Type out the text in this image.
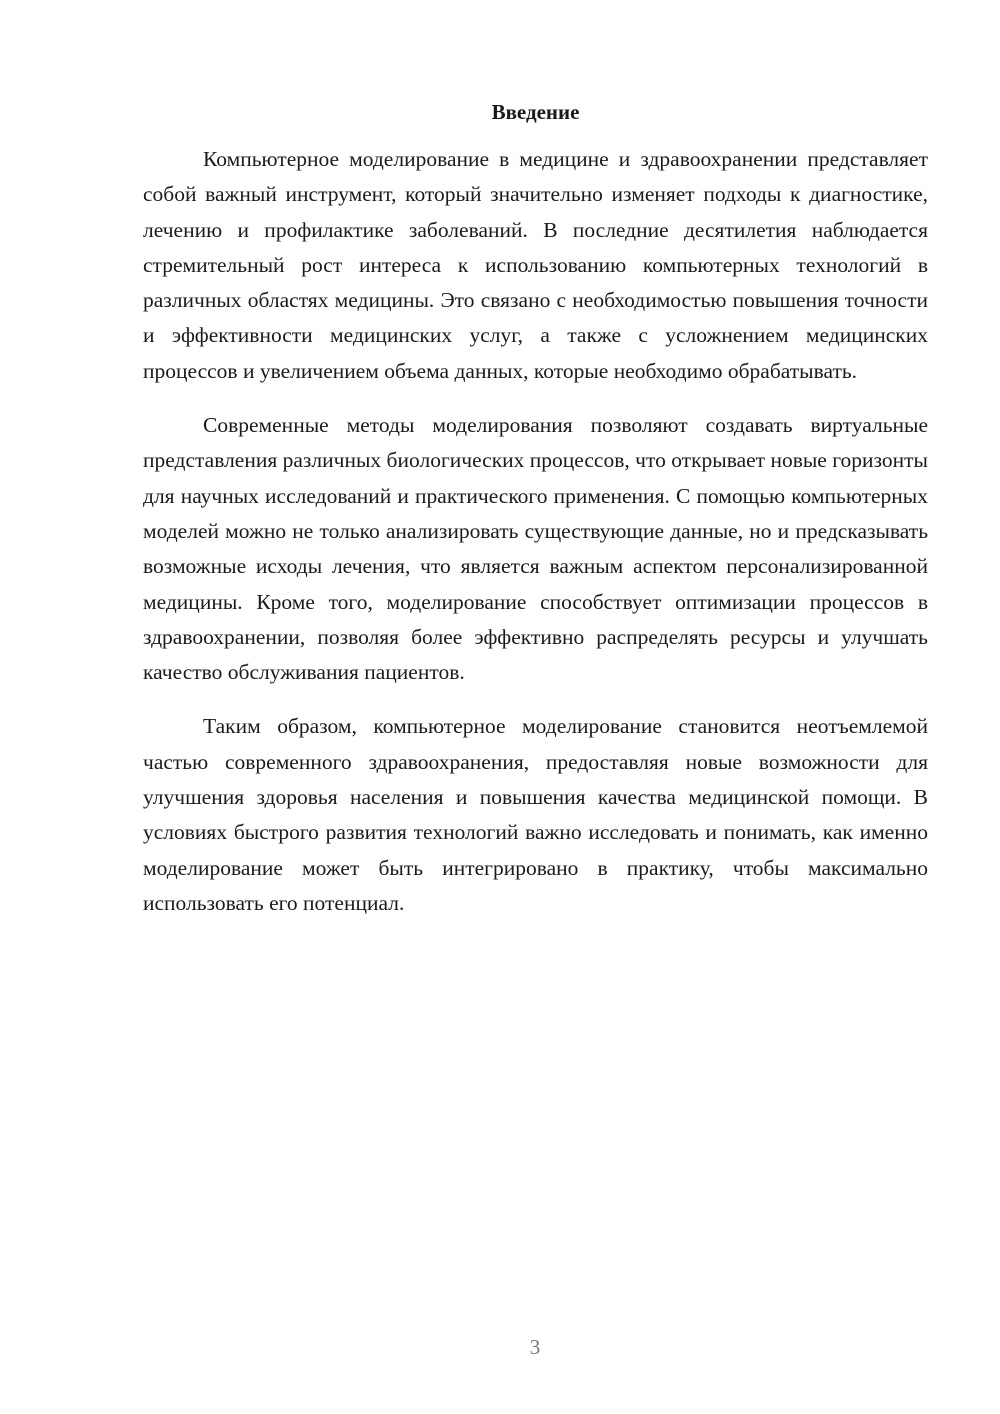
Введение

Компьютерное моделирование в медицине и здравоохранении представляет собой важный инструмент, который значительно изменяет подходы к диагностике, лечению и профилактике заболеваний. В последние десятилетия наблюдается стремительный рост интереса к использованию компьютерных технологий в различных областях медицины. Это связано с необходимостью повышения точности и эффективности медицинских услуг, а также с усложнением медицинских процессов и увеличением объема данных, которые необходимо обрабатывать.

Современные методы моделирования позволяют создавать виртуальные представления различных биологических процессов, что открывает новые горизонты для научных исследований и практического применения. С помощью компьютерных моделей можно не только анализировать существующие данные, но и предсказывать возможные исходы лечения, что является важным аспектом персонализированной медицины. Кроме того, моделирование способствует оптимизации процессов в здравоохранении, позволяя более эффективно распределять ресурсы и улучшать качество обслуживания пациентов.

Таким образом, компьютерное моделирование становится неотъемлемой частью современного здравоохранения, предоставляя новые возможности для улучшения здоровья населения и повышения качества медицинской помощи. В условиях быстрого развития технологий важно исследовать и понимать, как именно моделирование может быть интегрировано в практику, чтобы максимально использовать его потенциал.

3
